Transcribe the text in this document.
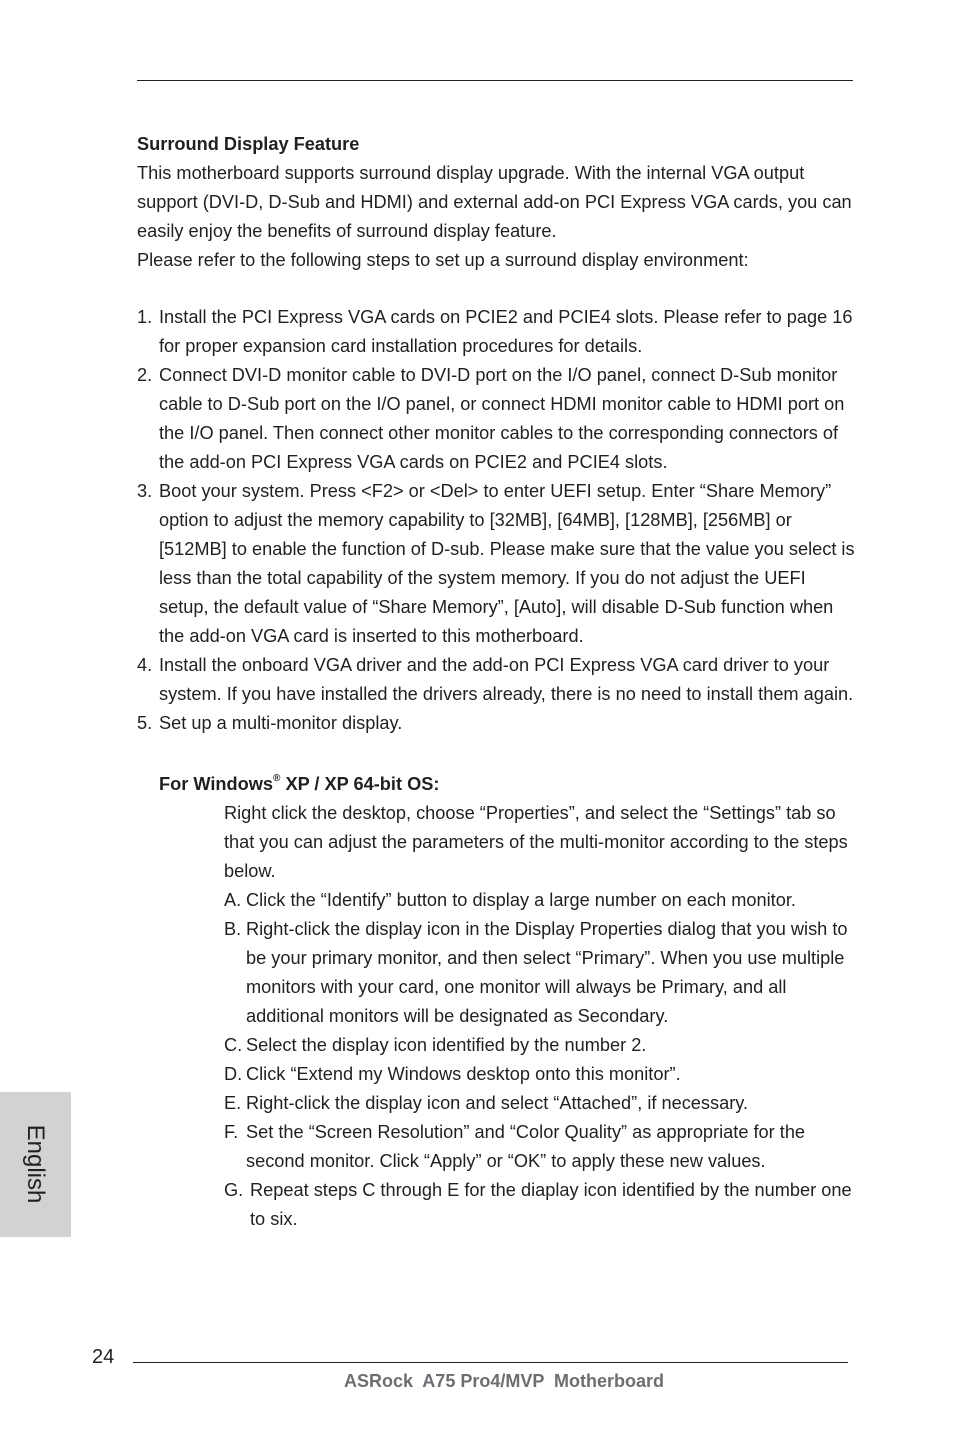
Surround Display Feature

This motherboard supports surround display upgrade. With the internal VGA output support (DVI-D, D-Sub and HDMI) and external add-on PCI Express VGA cards, you can easily enjoy the benefits of surround display feature.

Please refer to the following steps to set up a surround display environment:

1. Install the PCI Express VGA cards on PCIE2 and PCIE4 slots. Please refer to page 16 for proper expansion card installation procedures for details.
2. Connect DVI-D monitor cable to DVI-D port on the I/O panel, connect D-Sub monitor cable to D-Sub port on the I/O panel, or connect HDMI monitor cable to HDMI port on the I/O panel. Then connect other monitor cables to the corresponding connectors of the add-on PCI Express VGA cards on PCIE2 and PCIE4 slots.
3. Boot your system. Press <F2> or <Del> to enter UEFI setup. Enter “Share Memory” option to adjust the memory capability to [32MB], [64MB], [128MB], [256MB] or [512MB] to enable the function of D-sub. Please make sure that the value you select is less than the total capability of the system memory. If you do not adjust the UEFI setup, the default value of “Share Memory”, [Auto], will disable D-Sub function when the add-on VGA card is inserted to this motherboard.
4. Install the onboard VGA driver and the add-on PCI Express VGA card driver to your system. If you have installed the drivers already, there is no need to install them again.
5. Set up a multi-monitor display.
For Windows® XP / XP 64-bit OS:

Right click the desktop, choose “Properties”, and select the “Settings” tab so that you can adjust the parameters of the multi-monitor according to the steps below.

A. Click the “Identify” button to display a large number on each monitor.
B. Right-click the display icon in the Display Properties dialog that you wish to be your primary monitor, and then select “Primary”. When you use multiple monitors with your card, one monitor will always be Primary, and all additional monitors will be designated as Secondary.
C. Select the display icon identified by the number 2.
D. Click “Extend my Windows desktop onto this monitor”.
E. Right-click the display icon and select “Attached”, if necessary.
F. Set the “Screen Resolution” and “Color Quality” as appropriate for the second monitor. Click “Apply” or “OK” to apply these new values.
G. Repeat steps C through E for the diaplay icon identified by the number one to six.
English
24
ASRock  A75 Pro4/MVP  Motherboard
